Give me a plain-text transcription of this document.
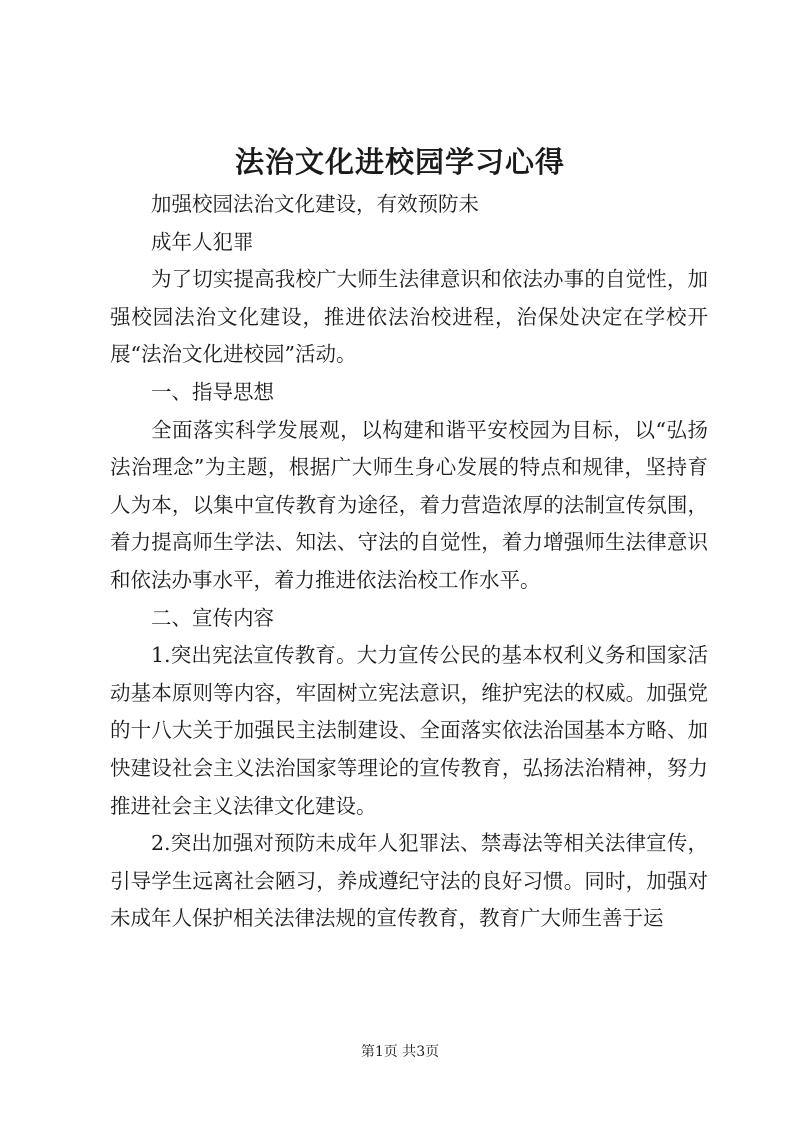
法治文化进校园学习心得

加强校园法治文化建设，有效预防未

成年人犯罪

为了切实提高我校广大师生法律意识和依法办事的自觉性，加强校园法治文化建设，推进依法治校进程，治保处决定在学校开展“法治文化进校园”活动。

一、指导思想

全面落实科学发展观，以构建和谐平安校园为目标，以“弘扬法治理念”为主题，根据广大师生身心发展的特点和规律，坚持育人为本，以集中宣传教育为途径，着力营造浓厚的法制宣传氛围，着力提高师生学法、知法、守法的自觉性，着力增强师生法律意识和依法办事水平，着力推进依法治校工作水平。

二、宣传内容

1.突出宪法宣传教育。大力宣传公民的基本权利义务和国家活动基本原则等内容，牢固树立宪法意识，维护宪法的权威。加强党的十八大关于加强民主法制建设、全面落实依法治国基本方略、加快建设社会主义法治国家等理论的宣传教育，弘扬法治精神，努力推进社会主义法律文化建设。

2.突出加强对预防未成年人犯罪法、禁毒法等相关法律宣传，引导学生远离社会陋习，养成遵纪守法的良好习惯。同时，加强对未成年人保护相关法律法规的宣传教育，教育广大师生善于运

第1页 共3页
